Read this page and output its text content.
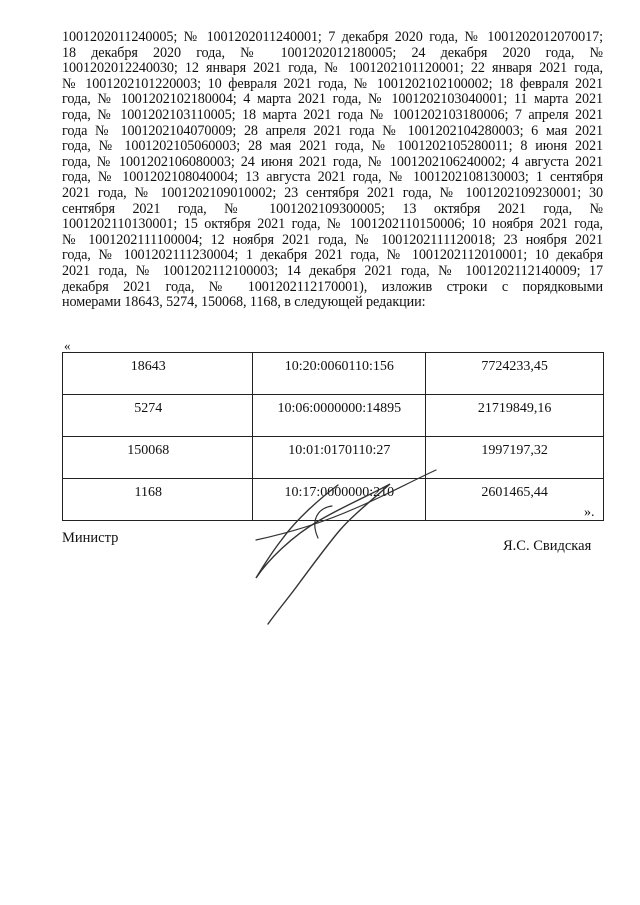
1001202011240005; № 1001202011240001; 7 декабря 2020 года, № 1001202012070017;
18 декабря 2020 года, № 1001202012180005; 24 декабря 2020 года, №
1001202012240030; 12 января 2021 года, № 1001202101120001; 22 января 2021 года,
№ 1001202101220003; 10 февраля 2021 года, № 1001202102100002; 18 февраля 2021
года, № 1001202102180004; 4 марта 2021 года, № 1001202103040001; 11 марта 2021
года, № 1001202103110005; 18 марта 2021 года № 1001202103180006; 7 апреля 2021
года № 1001202104070009; 28 апреля 2021 года № 1001202104280003; 6 мая 2021
года, № 1001202105060003; 28 мая 2021 года, № 1001202105280011; 8 июня 2021
года, № 1001202106080003; 24 июня 2021 года, № 1001202106240002; 4 августа 2021
года, № 1001202108040004; 13 августа 2021 года, № 1001202108130003; 1 сентября
2021 года, № 1001202109010002; 23 сентября 2021 года, № 1001202109230001; 30
сентября 2021 года, № 1001202109300005; 13 октября 2021 года, №
1001202110130001; 15 октября 2021 года, № 1001202110150006; 10 ноября 2021 года,
№ 1001202111100004; 12 ноября 2021 года, № 1001202111120018; 23 ноября 2021
года, № 1001202111230004; 1 декабря 2021 года, № 1001202112010001; 10 декабря
2021 года, № 1001202112100003; 14 декабря 2021 года, № 1001202112140009; 17
декабря 2021 года, № 1001202112170001), изложив строки с порядковыми
номерами 18643, 5274, 150068, 1168, в следующей редакции:
«
18643	10:20:0060110:156	7724233,45
5274	10:06:0000000:14895	21719849,16
150068	10:01:0170110:27	1997197,32
1168	10:17:0000000:210	2601465,44
».
Министр	Я.С. Свидская
